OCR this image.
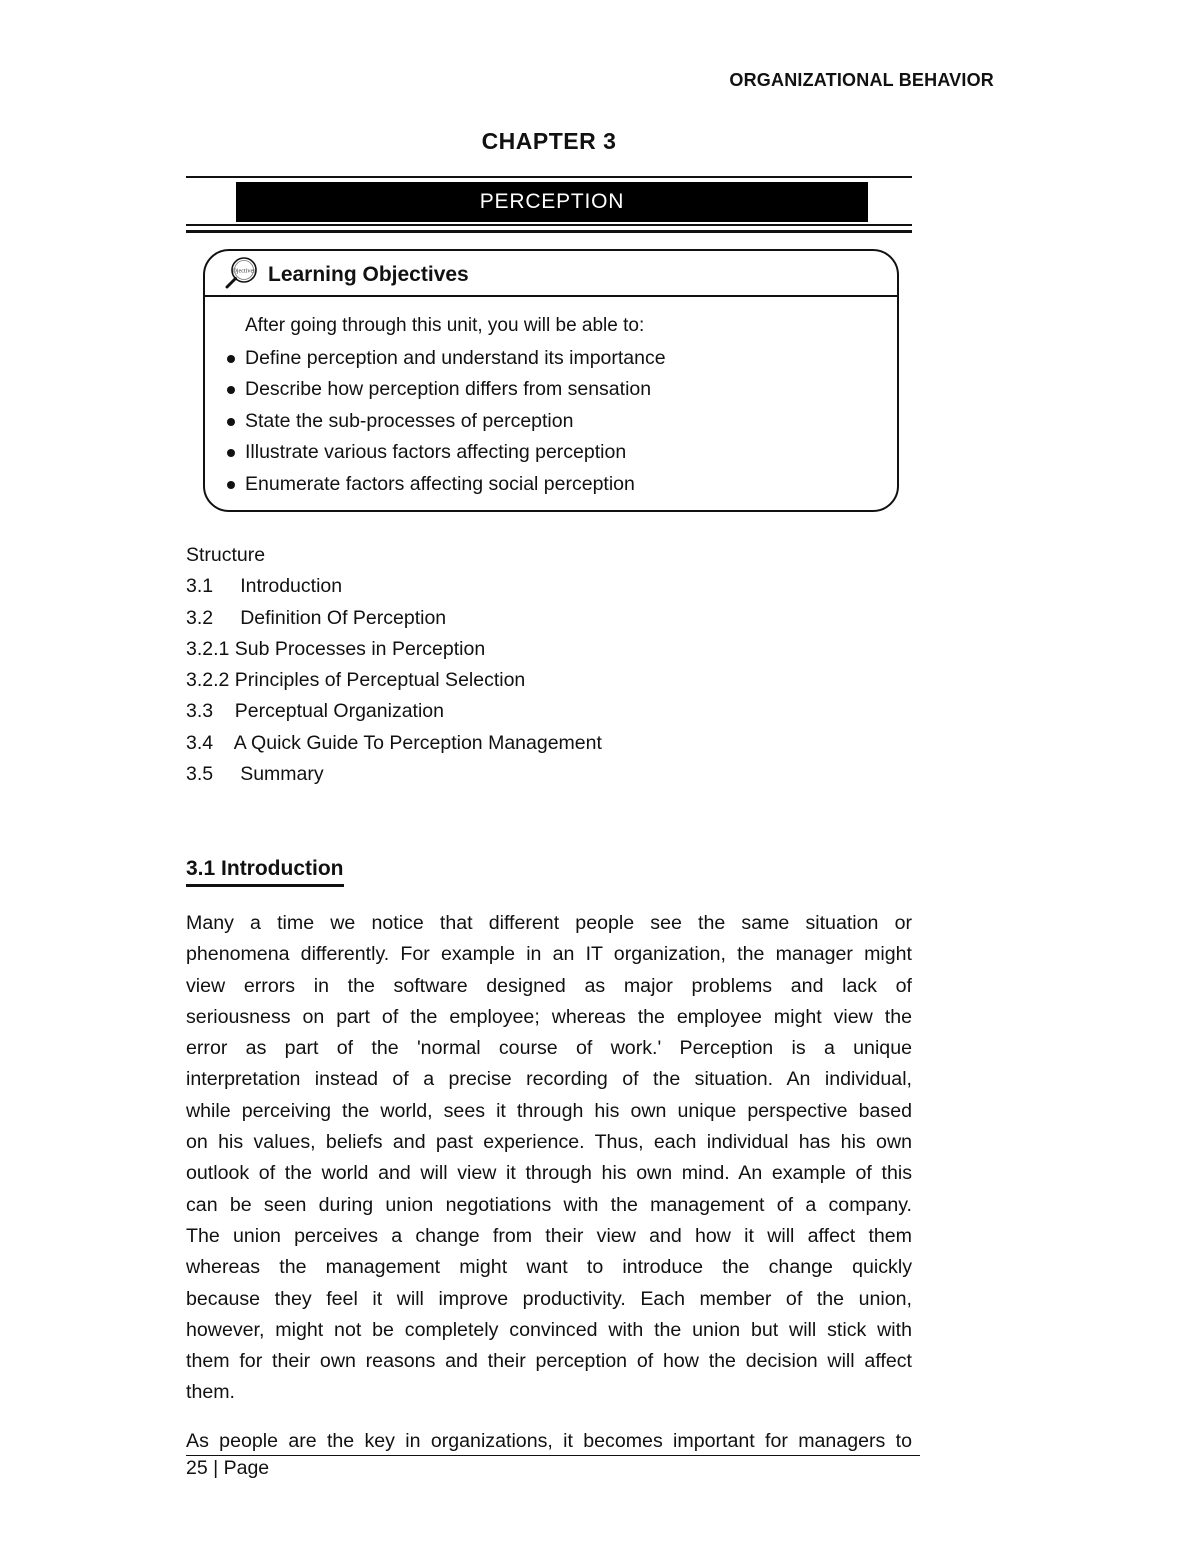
ORGANIZATIONAL BEHAVIOR
CHAPTER 3
PERCEPTION
Ojectives Learning Objectives
After going through this unit, you will be able to:
Define perception and understand its importance
Describe how perception differs from sensation
State the sub-processes of perception
Illustrate various factors affecting perception
Enumerate factors affecting social perception
Structure
3.1     Introduction
3.2     Definition Of Perception
3.2.1 Sub Processes in Perception
3.2.2 Principles of Perceptual Selection
3.3    Perceptual Organization
3.4    A Quick Guide To Perception Management
3.5     Summary
3.1 Introduction
Many a time we notice that different people see the same situation or
phenomena differently. For example in an IT organization, the manager might
view errors in the software designed as major problems and lack of
seriousness on part of the employee; whereas the employee might view the
error as part of the 'normal course of work.' Perception is a unique
interpretation instead of a precise recording of the situation. An individual,
while perceiving the world, sees it through his own unique perspective based
on his values, beliefs and past experience. Thus, each individual has his own
outlook of the world and will view it through his own mind. An example of this
can be seen during union negotiations with the management of a company.
The union perceives a change from their view and how it will affect them
whereas the management might want to introduce the change quickly
because they feel it will improve productivity. Each member of the union,
however, might not be completely convinced with the union but will stick with
them for their own reasons and their perception of how the decision will affect
them.
As people are the key in organizations, it becomes important for managers to
25 | Page
